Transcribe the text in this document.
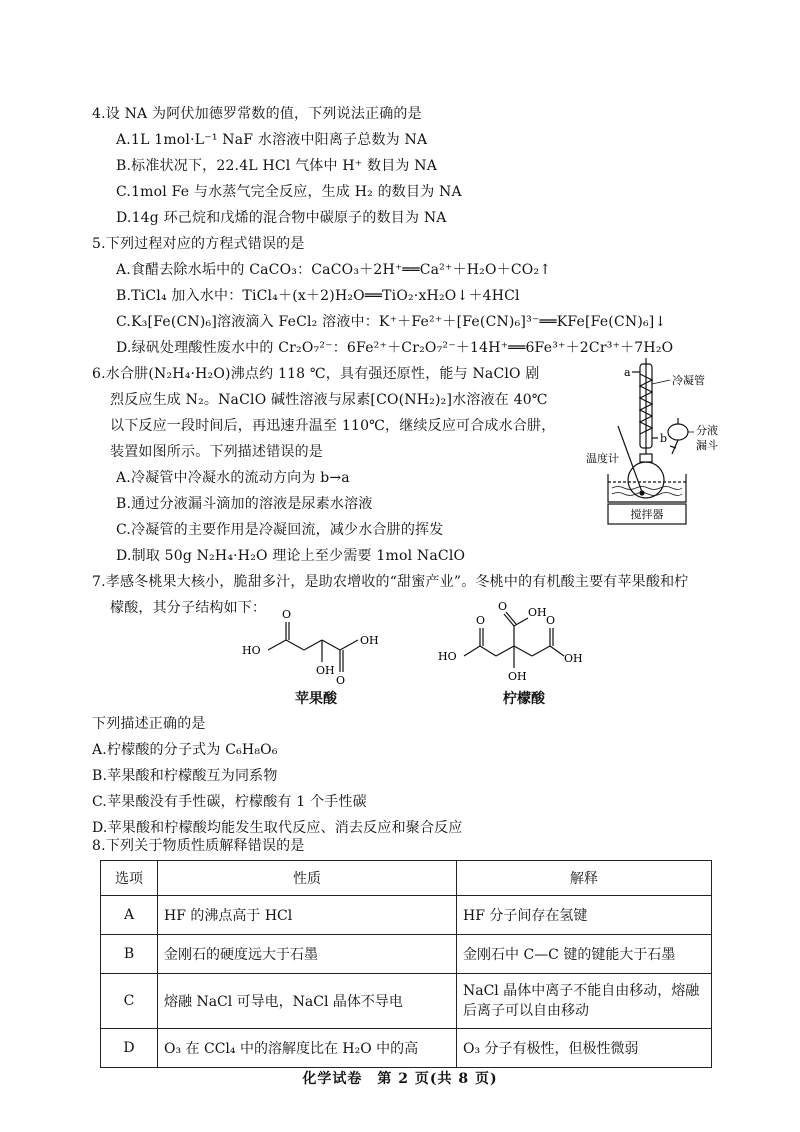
4.设 NA 为阿伏加德罗常数的值，下列说法正确的是
A.1L 1mol·L⁻¹ NaF 水溶液中阳离子总数为 NA
B.标准状况下，22.4L HCl 气体中 H⁺ 数目为 NA
C.1mol Fe 与水蒸气完全反应，生成 H₂ 的数目为 NA
D.14g 环己烷和戊烯的混合物中碳原子的数目为 NA
5.下列过程对应的方程式错误的是
A.食醋去除水垢中的 CaCO₃：CaCO₃＋2H⁺══Ca²⁺＋H₂O＋CO₂↑
B.TiCl₄ 加入水中：TiCl₄＋(x＋2)H₂O══TiO₂·xH₂O↓＋4HCl
C.K₃[Fe(CN)₆]溶液滴入 FeCl₂ 溶液中：K⁺＋Fe²⁺＋[Fe(CN)₆]³⁻══KFe[Fe(CN)₆]↓
D.绿矾处理酸性废水中的 Cr₂O₇²⁻：6Fe²⁺＋Cr₂O₇²⁻＋14H⁺══6Fe³⁺＋2Cr³⁺＋7H₂O
6.水合肼(N₂H₄·H₂O)沸点约 118 ℃，具有强还原性，能与 NaClO 剧
烈反应生成 N₂。NaClO 碱性溶液与尿素[CO(NH₂)₂]水溶液在 40℃
以下反应一段时间后，再迅速升温至 110℃，继续反应可合成水合肼，
装置如图所示。下列描述错误的是
A.冷凝管中冷凝水的流动方向为 b→a
B.通过分液漏斗滴加的溶液是尿素水溶液
C.冷凝管的主要作用是冷凝回流，减少水合肼的挥发
D.制取 50g N₂H₄·H₂O 理论上至少需要 1mol NaClO
a
b
冷凝管
分液
漏斗
温度计
搅拌器
7.孝感冬桃果大核小，脆甜多汁，是助农增收的“甜蜜产业”。冬桃中的有机酸主要有苹果酸和柠
檬酸，其分子结构如下：
HO
O
OH
O
OH
苹果酸
HO
O
O OH
OH
O
OH
柠檬酸
下列描述正确的是
A.柠檬酸的分子式为 C₆H₈O₆
B.苹果酸和柠檬酸互为同系物
C.苹果酸没有手性碳，柠檬酸有 1 个手性碳
D.苹果酸和柠檬酸均能发生取代反应、消去反应和聚合反应
8.下列关于物质性质解释错误的是
选项	性质	解释
A	HF 的沸点高于 HCl	HF 分子间存在氢键
B	金刚石的硬度远大于石墨	金刚石中 C—C 键的键能大于石墨
C	熔融 NaCl 可导电，NaCl 晶体不导电	NaCl 晶体中离子不能自由移动，熔融后离子可以自由移动
D	O₃ 在 CCl₄ 中的溶解度比在 H₂O 中的高	O₃ 分子有极性，但极性微弱
化学试卷　第 2 页(共 8 页)
